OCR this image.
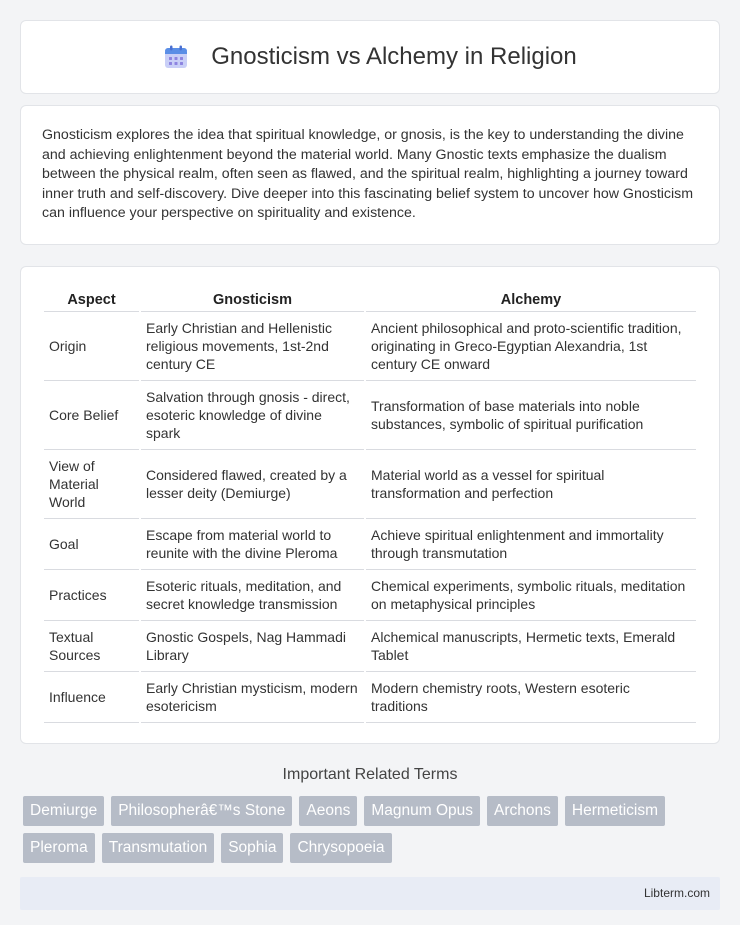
Gnosticism vs Alchemy in Religion

Gnosticism explores the idea that spiritual knowledge, or gnosis, is the key to understanding the divine and achieving enlightenment beyond the material world. Many Gnostic texts emphasize the dualism between the physical realm, often seen as flawed, and the spiritual realm, highlighting a journey toward inner truth and self-discovery. Dive deeper into this fascinating belief system to uncover how Gnosticism can influence your perspective on spirituality and existence.

Aspect	Gnosticism	Alchemy
Origin	Early Christian and Hellenistic religious movements, 1st-2nd century CE	Ancient philosophical and proto-scientific tradition, originating in Greco-Egyptian Alexandria, 1st century CE onward
Core Belief	Salvation through gnosis - direct, esoteric knowledge of divine spark	Transformation of base materials into noble substances, symbolic of spiritual purification
View of Material World	Considered flawed, created by a lesser deity (Demiurge)	Material world as a vessel for spiritual transformation and perfection
Goal	Escape from material world to reunite with the divine Pleroma	Achieve spiritual enlightenment and immortality through transmutation
Practices	Esoteric rituals, meditation, and secret knowledge transmission	Chemical experiments, symbolic rituals, meditation on metaphysical principles
Textual Sources	Gnostic Gospels, Nag Hammadi Library	Alchemical manuscripts, Hermetic texts, Emerald Tablet
Influence	Early Christian mysticism, modern esotericism	Modern chemistry roots, Western esoteric traditions
Important Related Terms
Demiurge	Philosopherâ€™s Stone	Aeons	Magnum Opus	Archons	Hermeticism
Pleroma	Transmutation	Sophia	Chrysopoeia
Libterm.com
